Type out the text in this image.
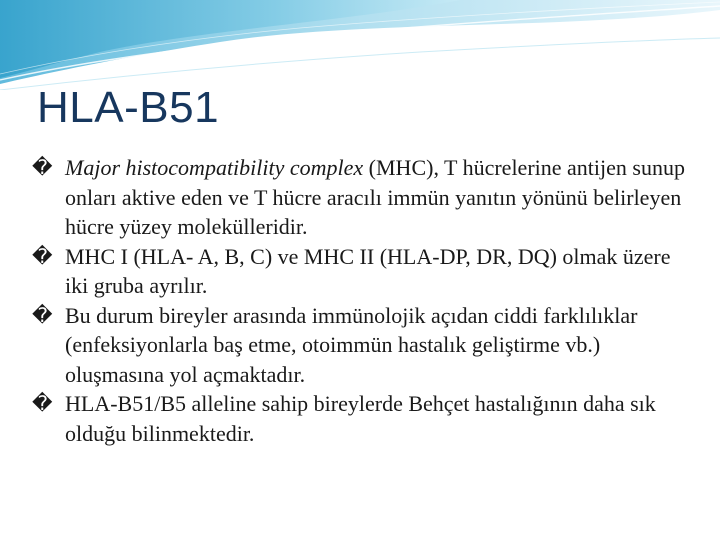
HLA-B51
� Major histocompatibility complex (MHC), T hücrelerine antijen sunup onları aktive eden ve T hücre aracılı immün yanıtın yönünü belirleyen hücre yüzey molekülleridir.
� MHC I (HLA- A, B, C) ve MHC II (HLA-DP, DR, DQ) olmak üzere iki gruba ayrılır.
� Bu durum bireyler arasında immünolojik açıdan ciddi farklılıklar (enfeksiyonlarla baş etme, otoimmün hastalık geliştirme vb.) oluşmasına yol açmaktadır.
� HLA-B51/B5 alleline sahip bireylerde Behçet hastalığının daha sık olduğu bilinmektedir.
